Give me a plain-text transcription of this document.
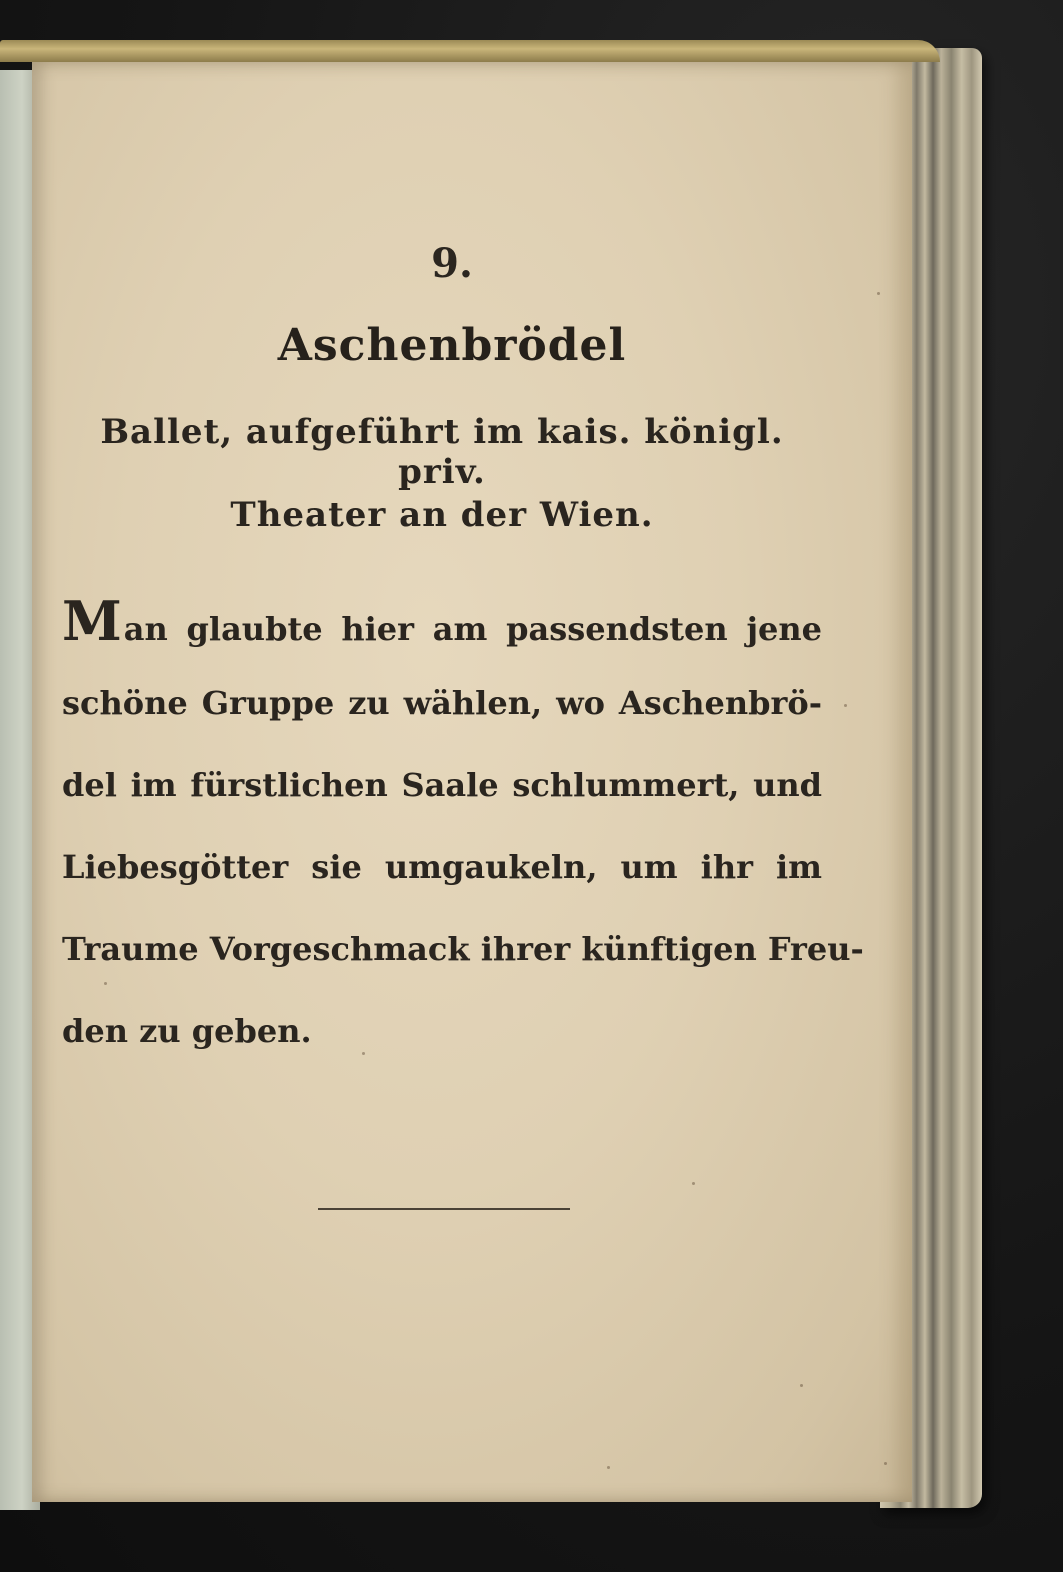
9.
Aschenbrödel
Ballet, aufgeführt im kais. königl. priv.
Theater an der Wien.
Man glaubte hier am passendsten jene
schöne Gruppe zu wählen, wo Aschenbrö-
del im fürstlichen Saale schlummert, und
Liebesgötter sie umgaukeln, um ihr im
Traume Vorgeschmack ihrer künftigen Freu-
den zu geben.
